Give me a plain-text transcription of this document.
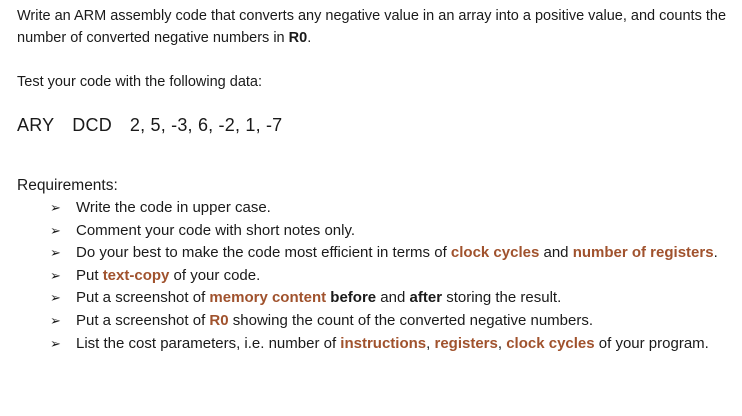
Write an ARM assembly code that converts any negative value in an array into a positive value, and counts the number of converted negative numbers in R0.

Test your code with the following data:

ARY DCD 2, 5, -3, 6, -2, 1, -7
Requirements:
➢ Write the code in upper case.
➢ Comment your code with short notes only.
➢ Do your best to make the code most efficient in terms of clock cycles and number of registers.
➢ Put text-copy of your code.
➢ Put a screenshot of memory content before and after storing the result.
➢ Put a screenshot of R0 showing the count of the converted negative numbers.
➢ List the cost parameters, i.e. number of instructions, registers, clock cycles of your program.
